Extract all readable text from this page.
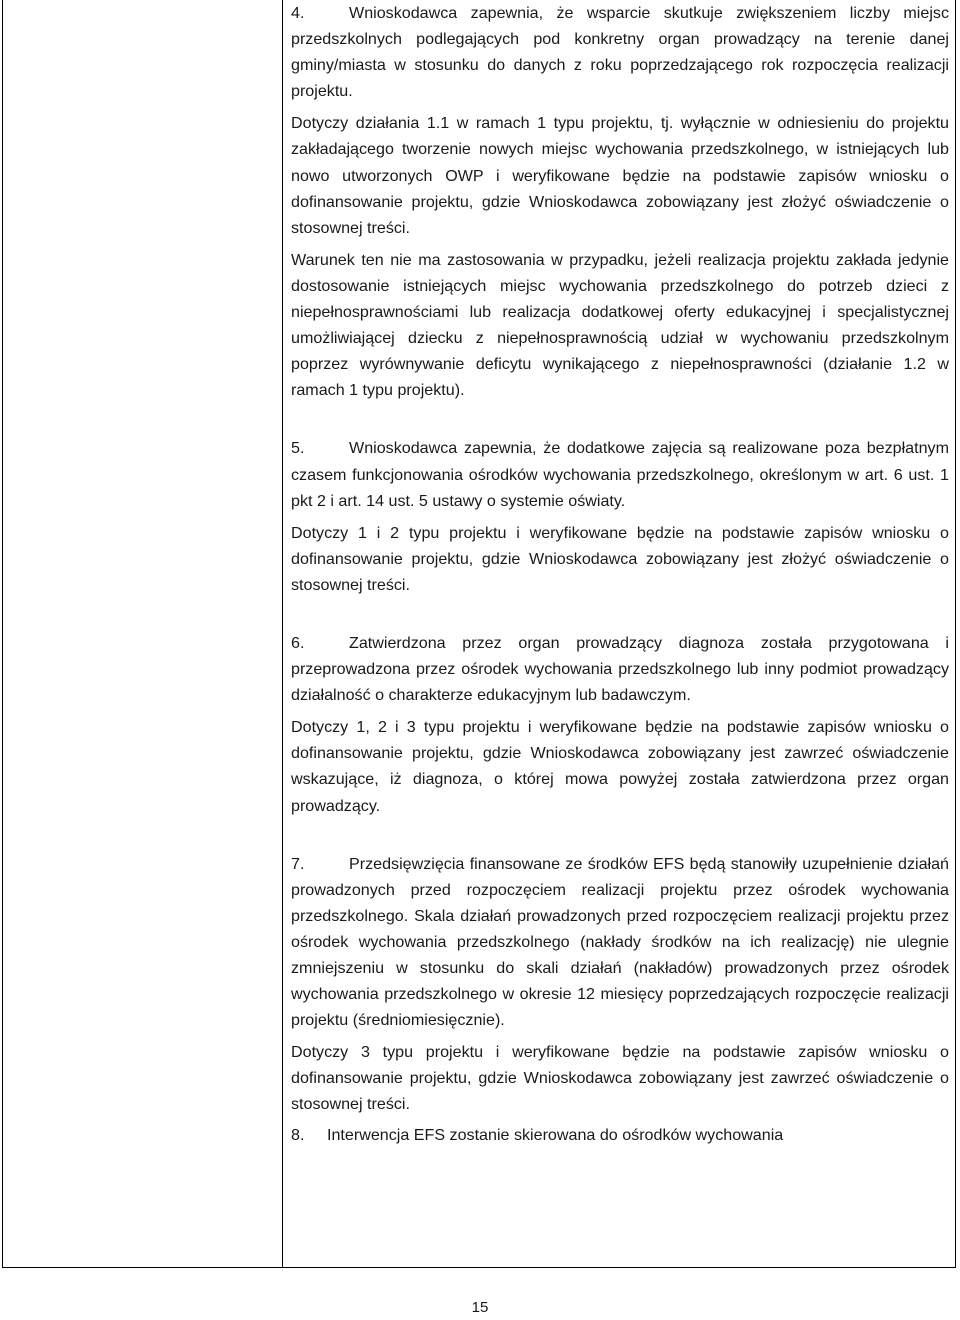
4.	Wnioskodawca zapewnia, że wsparcie skutkuje zwiększeniem liczby miejsc przedszkolnych podlegających pod konkretny organ prowadzący na terenie danej gminy/miasta w stosunku do danych z roku poprzedzającego rok rozpoczęcia realizacji projektu.

Dotyczy działania 1.1 w ramach 1 typu projektu, tj. wyłącznie w odniesieniu do projektu zakładającego tworzenie nowych miejsc wychowania przedszkolnego, w istniejących lub nowo utworzonych OWP i weryfikowane będzie na podstawie zapisów wniosku o dofinansowanie projektu, gdzie Wnioskodawca zobowiązany jest złożyć oświadczenie o stosownej treści.

Warunek ten nie ma zastosowania w przypadku, jeżeli realizacja projektu zakłada jedynie dostosowanie istniejących miejsc wychowania przedszkolnego do potrzeb dzieci z niepełnosprawnościami lub realizacja dodatkowej oferty edukacyjnej i specjalistycznej umożliwiającej dziecku z niepełnosprawnością udział w wychowaniu przedszkolnym poprzez wyrównywanie deficytu wynikającego z niepełnosprawności (działanie 1.2 w ramach 1 typu projektu).

5.	Wnioskodawca zapewnia, że dodatkowe zajęcia są realizowane poza bezpłatnym czasem funkcjonowania ośrodków wychowania przedszkolnego, określonym w art. 6 ust. 1 pkt 2 i art. 14 ust. 5 ustawy o systemie oświaty.

Dotyczy 1 i 2 typu projektu i weryfikowane będzie na podstawie zapisów wniosku o dofinansowanie projektu, gdzie Wnioskodawca zobowiązany jest złożyć oświadczenie o stosownej treści.

6.	Zatwierdzona przez organ prowadzący diagnoza została przygotowana i przeprowadzona przez ośrodek wychowania przedszkolnego lub inny podmiot prowadzący działalność o charakterze edukacyjnym lub badawczym.

Dotyczy 1, 2 i 3 typu projektu i weryfikowane będzie na podstawie zapisów wniosku o dofinansowanie projektu, gdzie Wnioskodawca zobowiązany jest zawrzeć oświadczenie wskazujące, iż diagnoza, o której mowa powyżej została zatwierdzona przez organ prowadzący.

7.	Przedsięwzięcia finansowane ze środków EFS będą stanowiły uzupełnienie działań prowadzonych przed rozpoczęciem realizacji projektu przez ośrodek wychowania przedszkolnego. Skala działań prowadzonych przed rozpoczęciem realizacji projektu przez ośrodek wychowania przedszkolnego (nakłady środków na ich realizację) nie ulegnie zmniejszeniu w stosunku do skali działań (nakładów) prowadzonych przez ośrodek wychowania przedszkolnego w okresie 12 miesięcy poprzedzających rozpoczęcie realizacji projektu (średniomiesięcznie).

Dotyczy 3 typu projektu i weryfikowane będzie na podstawie zapisów wniosku o dofinansowanie projektu, gdzie Wnioskodawca zobowiązany jest zawrzeć oświadczenie o stosownej treści.

8. Interwencja EFS zostanie skierowana do ośrodków wychowania

15
